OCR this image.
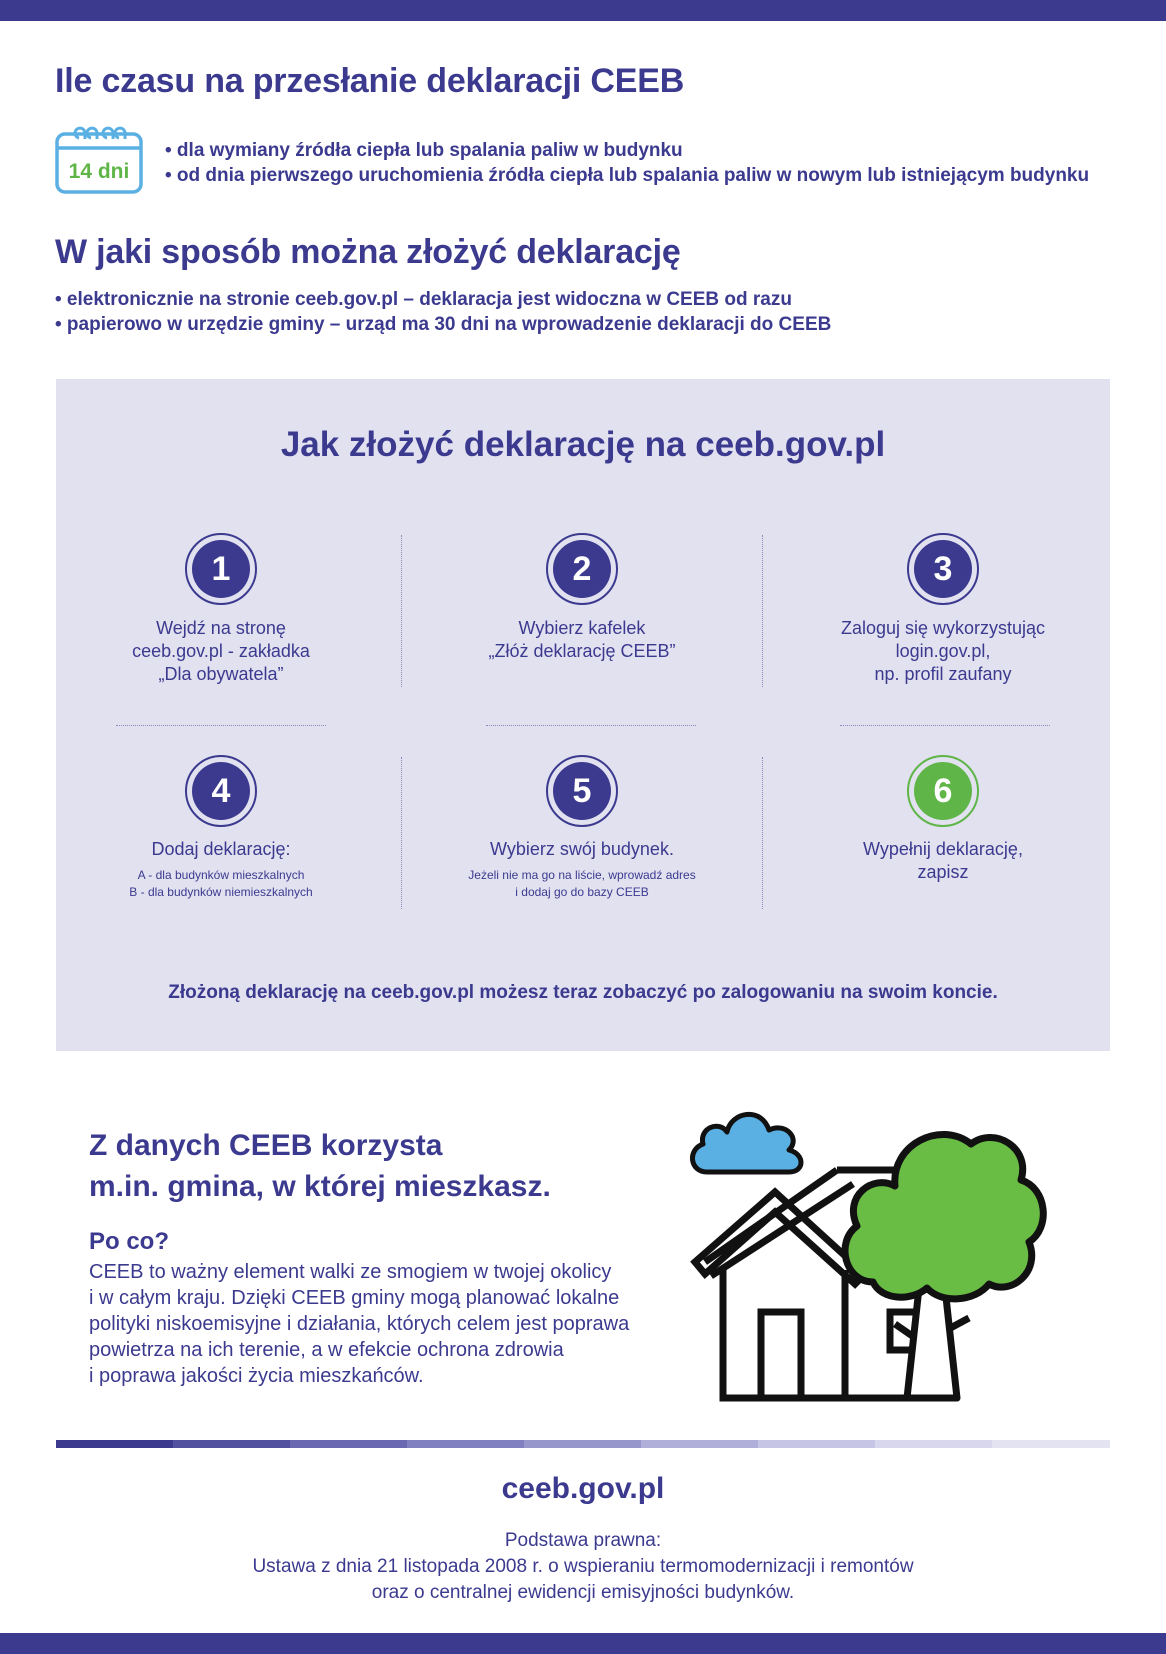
Ile czasu na przesłanie deklaracji CEEB
14 dni
• dla wymiany źródła ciepła lub spalania paliw w budynku
• od dnia pierwszego uruchomienia źródła ciepła lub spalania paliw w nowym lub istniejącym budynku
W jaki sposób można złożyć deklarację
• elektronicznie na stronie ceeb.gov.pl – deklaracja jest widoczna w CEEB od razu
• papierowo w urzędzie gminy – urząd ma 30 dni na wprowadzenie deklaracji do CEEB
Jak złożyć deklarację na ceeb.gov.pl
1
Wejdź na stronę
ceeb.gov.pl - zakładka
„Dla obywatela”
2
Wybierz kafelek
„Złóż deklarację CEEB”
3
Zaloguj się wykorzystując
login.gov.pl,
np. profil zaufany
4
Dodaj deklarację:
A - dla budynków mieszkalnych
B - dla budynków niemieszkalnych
5
Wybierz swój budynek.
Jeżeli nie ma go na liście, wprowadź adres
i dodaj go do bazy CEEB
6
Wypełnij deklarację,
zapisz
Złożoną deklarację na ceeb.gov.pl możesz teraz zobaczyć po zalogowaniu na swoim koncie.
Z danych CEEB korzysta
m.in. gmina, w której mieszkasz.
Po co?
CEEB to ważny element walki ze smogiem w twojej okolicy
i w całym kraju. Dzięki CEEB gminy mogą planować lokalne
polityki niskoemisyjne i działania, których celem jest poprawa
powietrza na ich terenie, a w efekcie ochrona zdrowia
i poprawa jakości życia mieszkańców.
ceeb.gov.pl
Podstawa prawna:
Ustawa z dnia 21 listopada 2008 r. o wspieraniu termomodernizacji i remontów
oraz o centralnej ewidencji emisyjności budynków.
